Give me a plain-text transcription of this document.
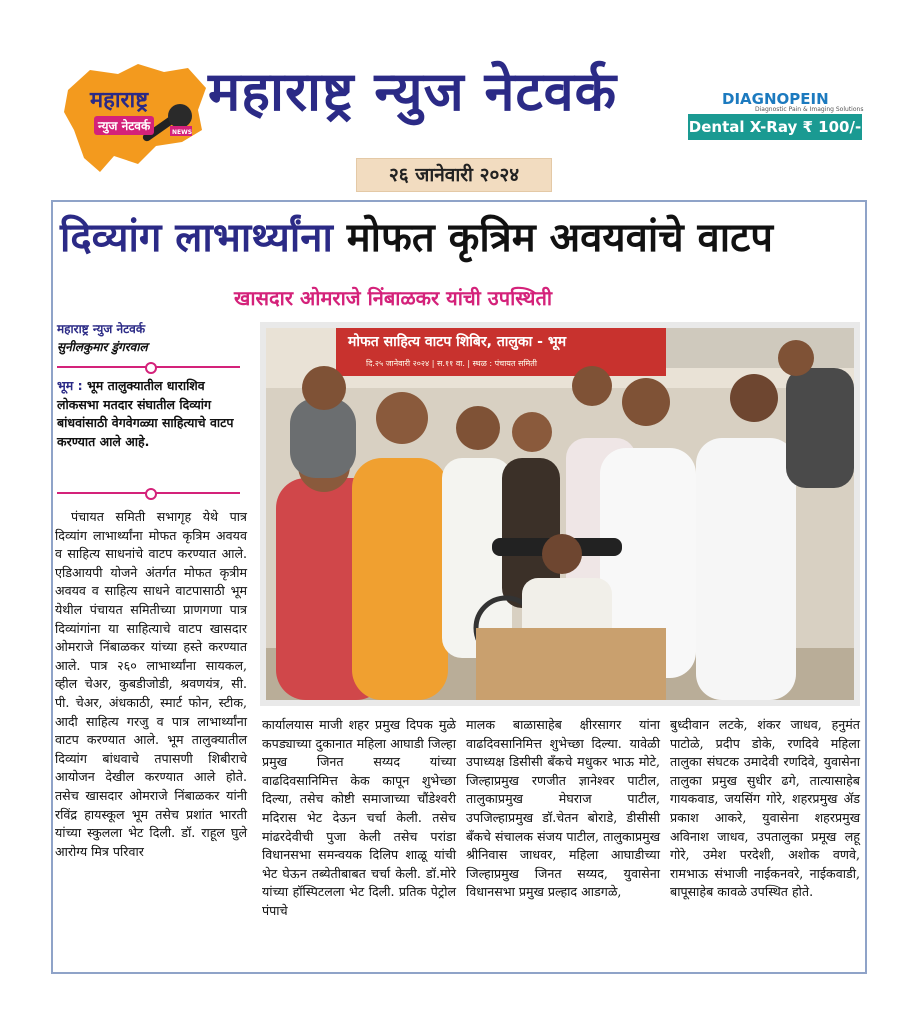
NEWS
महाराष्ट्र
न्युज नेटवर्क
महाराष्ट्र न्युज नेटवर्क
२६ जानेवारी २०२४
DIAGNOPEIN
Diagnostic Pain & Imaging Solutions
Dental X-Ray ₹ 100/-
दिव्यांग लाभार्थ्यांना मोफत कृत्रिम अवयवांचे वाटप
खासदार ओमराजे निंबाळकर यांची उपस्थिती
महाराष्ट्र न्युज नेटवर्क
सुनीलकुमार डुंगरवाल
भूम : भूम तालुक्यातील धाराशिव लोकसभा मतदार संघातील दिव्यांग बांधवांसाठी वेगवेगळ्या साहित्याचे वाटप करण्यात आले आहे.
पंचायत समिती सभागृह येथे पात्र दिव्यांग लाभार्थ्यांना मोफत कृत्रिम अवयव व साहित्य साधनांचे वाटप करण्यात आले. एडिआयपी योजने अंतर्गत मोफत कृत्रीम अवयव व साहित्य साधने वाटपासाठी भूम येथील पंचायत समितीच्या प्राणगणा पात्र दिव्यांगांना या साहित्याचे वाटप खासदार ओमराजे निंबाळकर यांच्या हस्ते करण्यात आले. पात्र २६० लाभार्थ्यांना सायकल, व्हील चेअर, कुबडीजोडी, श्रवणयंत्र, सी. पी. चेअर, अंधकाठी, स्मार्ट फोन, स्टीक, आदी साहित्य गरजु व पात्र लाभार्थ्यांना वाटप करण्यात आले. भूम तालुक्यातील दिव्यांग बांधवाचे तपासणी शिबीराचे आयोजन देखील करण्यात आले होते. तसेच खासदार ओमराजे निंबाळकर यांनी रविंद्र हायस्कूल भूम तसेच प्रशांत भारती यांच्या स्कुलला भेट दिली. डॉ. राहूल घुले आरोग्य मित्र परिवार
मोफत साहित्य वाटप शिबिर, तालुका - भूम
दि.२५ जानेवारी २०२४ | स.११ वा. | स्थळ : पंचायत समिती
कार्यालयास माजी शहर प्रमुख दिपक मुळे कपड्याच्या दुकानात महिला आघाडी जिल्हा प्रमुख जिनत सय्यद यांच्या वाढदिवसानिमित्त केक कापून शुभेच्छा दिल्या, तसेच कोष्टी समाजाच्या चौंडेश्वरी मदिरास भेट देऊन चर्चा केली. तसेच मांढरदेवीची पुजा केली तसेच परांडा विधानसभा समन्वयक दिलिप शाळू यांची भेट घेऊन तब्येतीबाबत चर्चा केली. डॉ.मोरे यांच्या हॉस्पिटलला भेट दिली. प्रतिक पेट्रोल पंपाचे
मालक बाळासाहेब क्षीरसागर यांना वाढदिवसानिमित्त शुभेच्छा दिल्या. यावेळी उपाध्यक्ष डिसीसी बँकचे मधुकर भाऊ मोटे, जिल्हाप्रमुख रणजीत ज्ञानेश्वर पाटील, तालुकाप्रमुख मेघराज पाटील, उपजिल्हाप्रमुख डॉ.चेतन बोराडे, डीसीसी बँकचे संचालक संजय पाटील, तालुकाप्रमुख श्रीनिवास जाधवर, महिला आघाडीच्या जिल्हाप्रमुख जिनत सय्यद, युवासेना विधानसभा प्रमुख प्रल्हाद आडगळे,
बुध्दीवान लटके, शंकर जाधव, हनुमंत पाटोळे, प्रदीप डोके, रणदिवे महिला तालुका संघटक उमादेवी रणदिवे, युवासेना तालुका प्रमुख सुधीर ढगे, तात्यासाहेब गायकवाड, जयसिंग गोरे, शहरप्रमुख ॲड प्रकाश आकरे, युवासेना शहरप्रमुख अविनाश जाधव, उपतालुका प्रमूख लहू गोरे, उमेश परदेशी, अशोक वणवे, रामभाऊ संभाजी नाईकनवरे, नाईकवाडी, बापूसाहेब कावळे उपस्थित होते.
